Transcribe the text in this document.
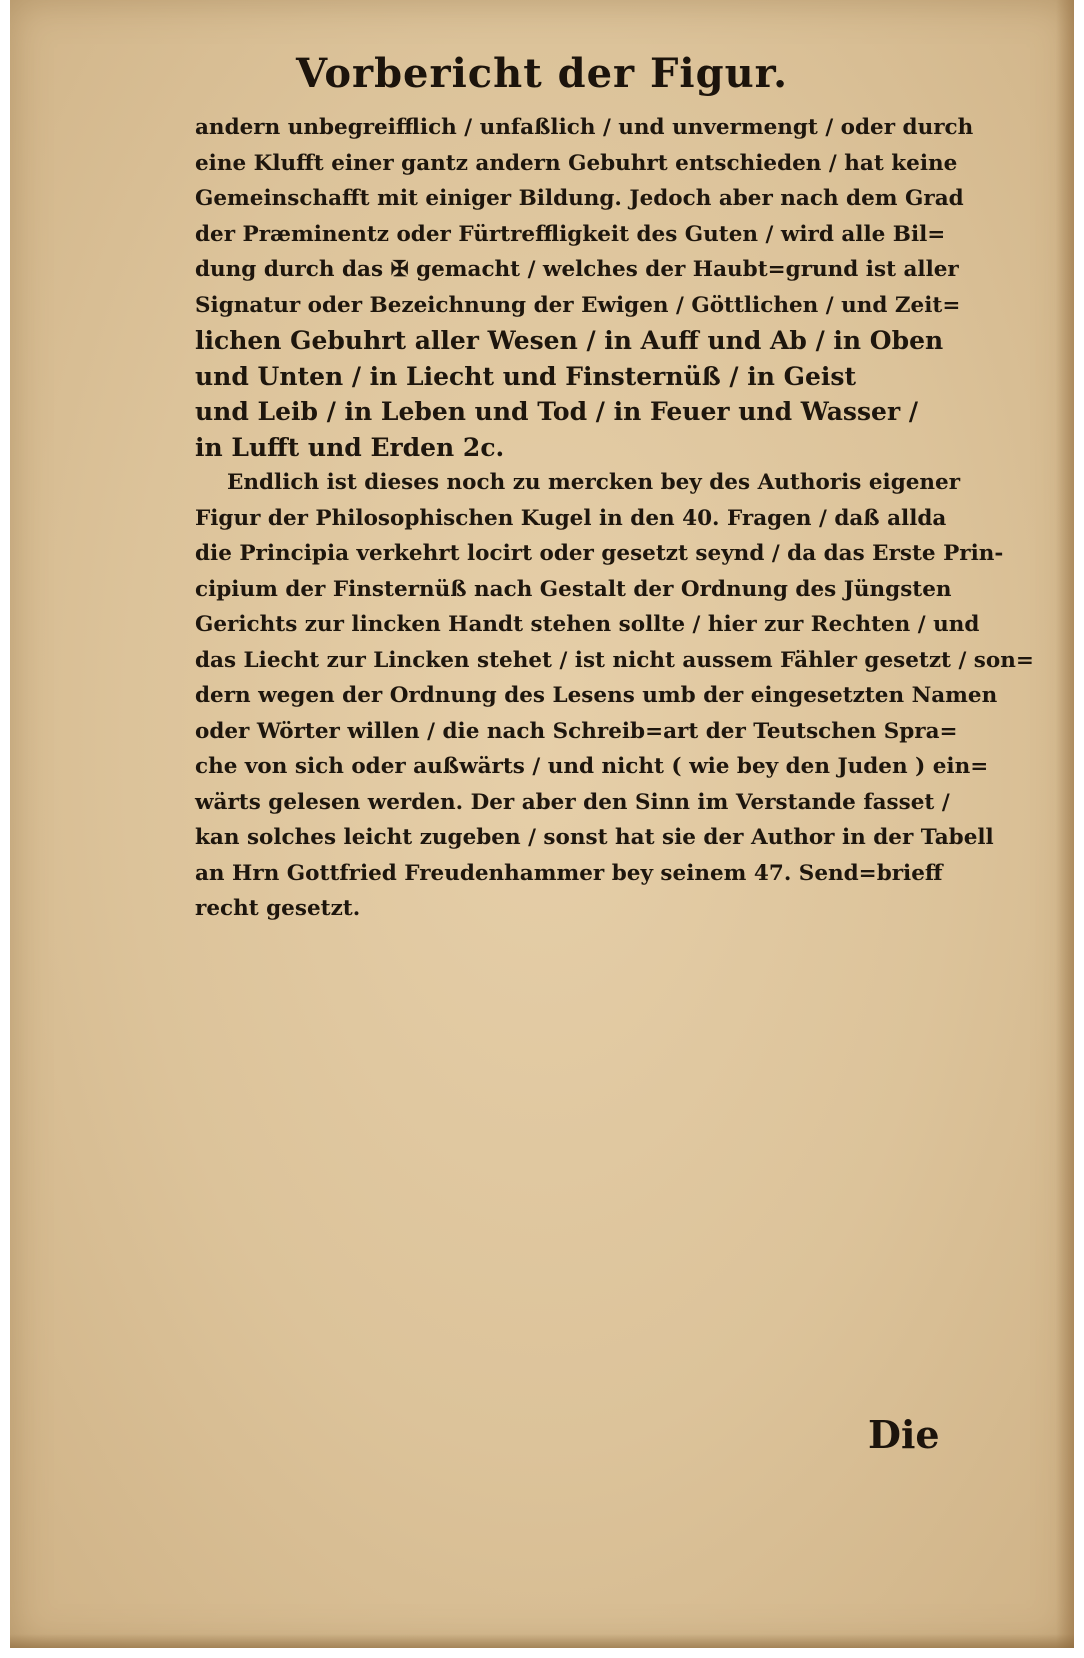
Vorbericht der Figur.
andern unbegreifflich / unfaßlich / und unvermengt / oder durch
eine Klufft einer gantz andern Gebuhrt entschieden / hat keine
Gemeinschafft mit einiger Bildung. Jedoch aber nach dem Grad
der Præminentz oder Fürtreffligkeit des Guten / wird alle Bil=
dung durch das ✠ gemacht / welches der Haubt=grund ist aller
Signatur oder Bezeichnung der Ewigen / Göttlichen / und Zeit=
lichen Gebuhrt aller Wesen / in Auff und Ab / in Oben
und Unten / in Liecht und Finsternüß / in Geist
und Leib / in Leben und Tod / in Feuer und Wasser /
in Lufft und Erden 2c.
Endlich ist dieses noch zu mercken bey des Authoris eigener
Figur der Philosophischen Kugel in den 40. Fragen / daß allda
die Principia verkehrt locirt oder gesetzt seynd / da das Erste Prin-
cipium der Finsternüß nach Gestalt der Ordnung des Jüngsten
Gerichts zur lincken Handt stehen sollte / hier zur Rechten / und
das Liecht zur Lincken stehet / ist nicht aussem Fähler gesetzt / son=
dern wegen der Ordnung des Lesens umb der eingesetzten Namen
oder Wörter willen / die nach Schreib=art der Teutschen Spra=
che von sich oder außwärts / und nicht ( wie bey den Juden ) ein=
wärts gelesen werden. Der aber den Sinn im Verstande fasset /
kan solches leicht zugeben / sonst hat sie der Author in der Tabell
an Hrn Gottfried Freudenhammer bey seinem 47. Send=brieff
recht gesetzt.
Die
